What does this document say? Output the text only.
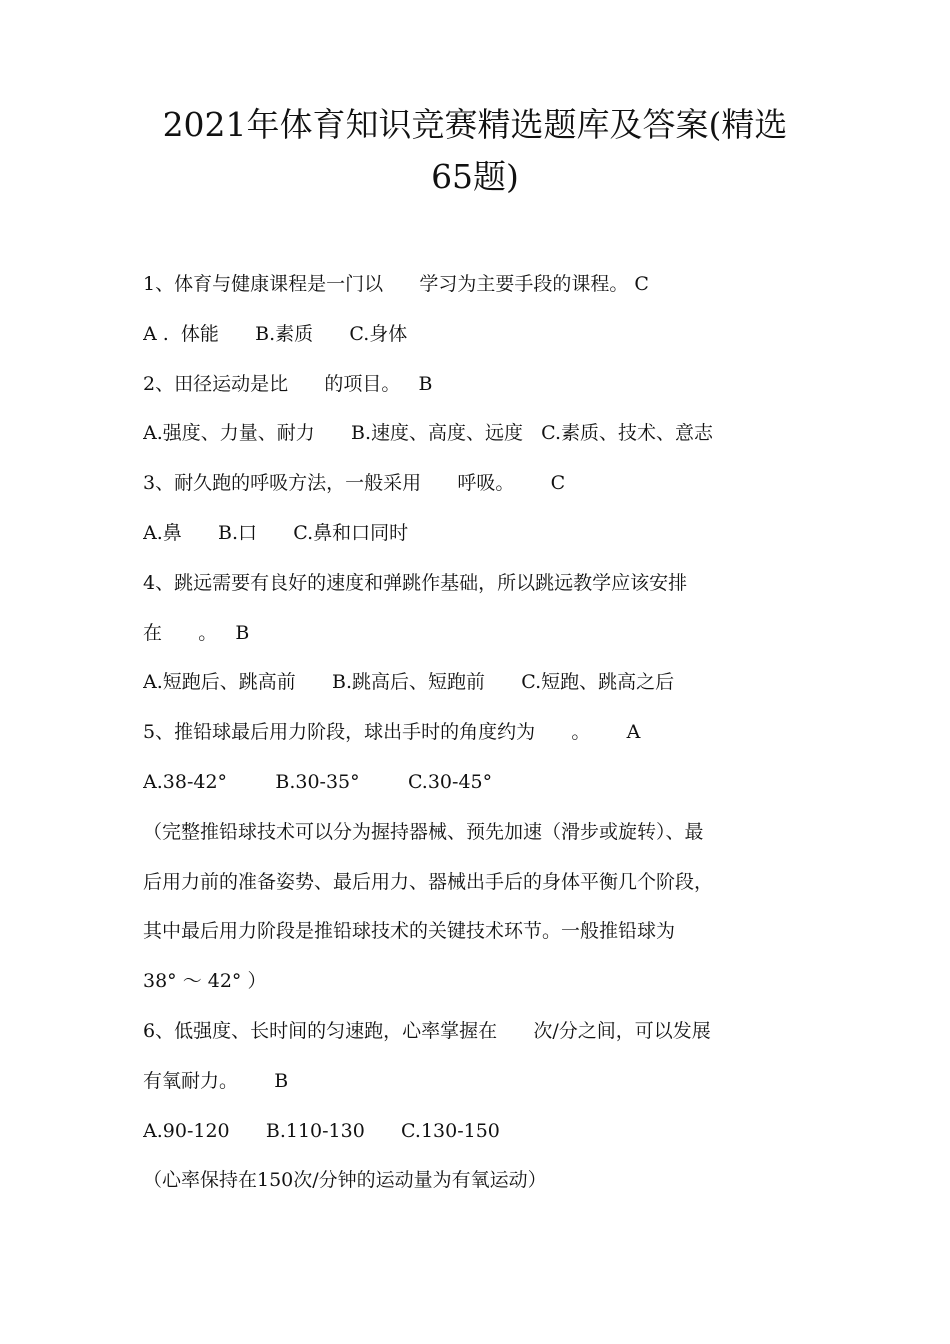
2021年体育知识竞赛精选题库及答案(精选
65题)
1、体育与健康课程是一门以      学习为主要手段的课程。 C
A .  体能      B.素质      C.身体
2、田径运动是比      的项目。   B
A.强度、力量、耐力      B.速度、高度、远度   C.素质、技术、意志
3、耐久跑的呼吸方法，一般采用      呼吸。      C
A.鼻      B.口      C.鼻和口同时
4、跳远需要有良好的速度和弹跳作基础，所以跳远教学应该安排
在      。   B
A.短跑后、跳高前      B.跳高后、短跑前      C.短跑、跳高之后
5、推铅球最后用力阶段，球出手时的角度约为      。      A
A.38-42°        B.30-35°        C.30-45°
（完整推铅球技术可以分为握持器械、预先加速（滑步或旋转）、最
后用力前的准备姿势、最后用力、器械出手后的身体平衡几个阶段，
其中最后用力阶段是推铅球技术的关键技术环节。一般推铅球为
38° ～ 42° ）
6、低强度、长时间的匀速跑，心率掌握在      次/分之间，可以发展
有氧耐力。      B
A.90-120      B.110-130      C.130-150
（心率保持在150次/分钟的运动量为有氧运动）
